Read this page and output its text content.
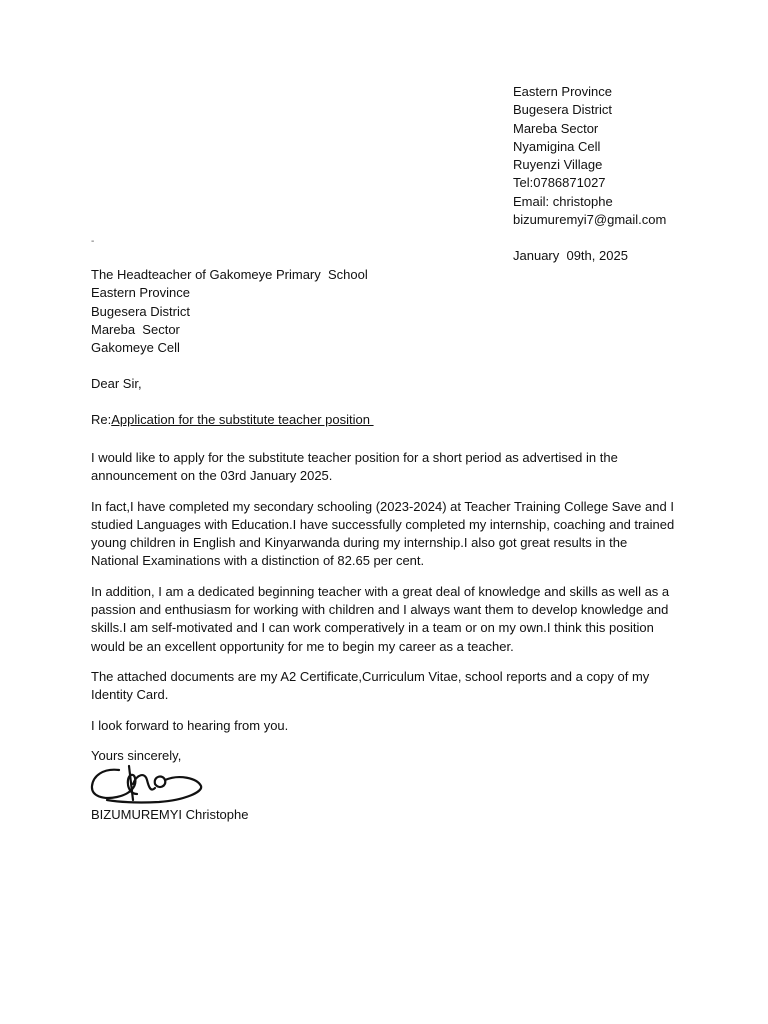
Eastern Province
Bugesera District
Mareba Sector
Nyamigina Cell
Ruyenzi Village
Tel:0786871027
Email: christophe
bizumuremyi7@gmail.com
January  09th, 2025
-
The Headteacher of Gakomeye Primary  School
Eastern Province
Bugesera District
Mareba  Sector
Gakomeye Cell
Dear Sir,
Re:Application for the substitute teacher position

I would like to apply for the substitute teacher position for a short period as advertised in the announcement on the 03rd January 2025.

In fact,I have completed my secondary schooling (2023-2024) at Teacher Training College Save and I studied Languages with Education.I have successfully completed my internship, coaching and trained young children in English and Kinyarwanda during my internship.I also got great results in the National Examinations with a distinction of 82.65 per cent.

In addition, I am a dedicated beginning teacher with a great deal of knowledge and skills as well as a passion and enthusiasm for working with children and I always want them to develop knowledge and skills.I am self-motivated and I can work comperatively in a team or on my own.I think this position would be an excellent opportunity for me to begin my career as a teacher.

The attached documents are my A2 Certificate,Curriculum Vitae, school reports and a copy of my Identity Card.

I look forward to hearing from you.

Yours sincerely,

BIZUMUREMYI Christophe
